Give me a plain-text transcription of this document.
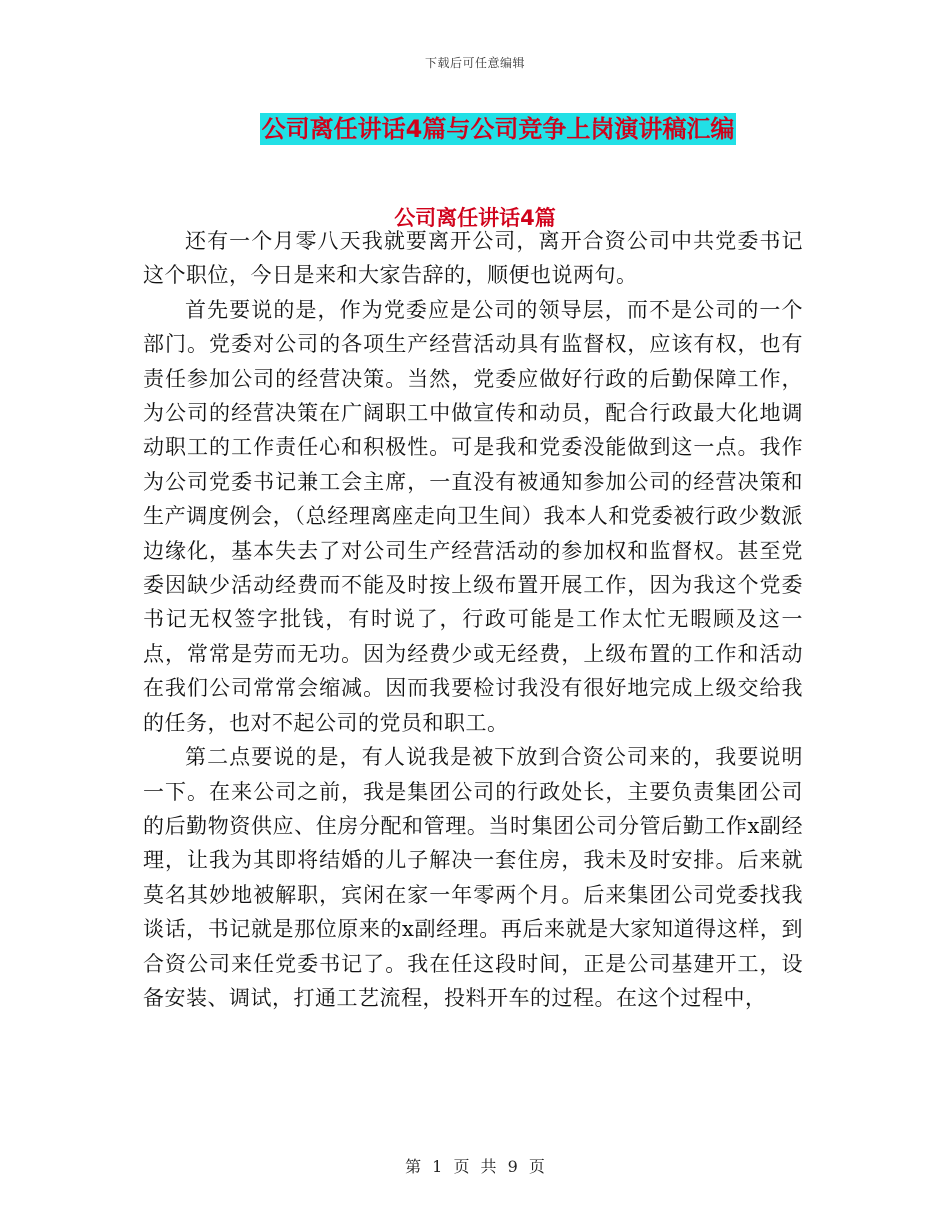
下载后可任意编辑
公司离任讲话4篇与公司竞争上岗演讲稿汇编
公司离任讲话4篇

还有一个月零八天我就要离开公司，离开合资公司中共党委书记这个职位，今日是来和大家告辞的，顺便也说两句。

首先要说的是，作为党委应是公司的领导层，而不是公司的一个部门。党委对公司的各项生产经营活动具有监督权，应该有权，也有责任参加公司的经营决策。当然，党委应做好行政的后勤保障工作，为公司的经营决策在广阔职工中做宣传和动员，配合行政最大化地调动职工的工作责任心和积极性。可是我和党委没能做到这一点。我作为公司党委书记兼工会主席，一直没有被通知参加公司的经营决策和生产调度例会，（总经理离座走向卫生间）我本人和党委被行政少数派边缘化，基本失去了对公司生产经营活动的参加权和监督权。甚至党委因缺少活动经费而不能及时按上级布置开展工作，因为我这个党委书记无权签字批钱，有时说了，行政可能是工作太忙无暇顾及这一点，常常是劳而无功。因为经费少或无经费，上级布置的工作和活动在我们公司常常会缩减。因而我要检讨我没有很好地完成上级交给我的任务，也对不起公司的党员和职工。

第二点要说的是，有人说我是被下放到合资公司来的，我要说明一下。在来公司之前，我是集团公司的行政处长，主要负责集团公司的后勤物资供应、住房分配和管理。当时集团公司分管后勤工作x副经理，让我为其即将结婚的儿子解决一套住房，我未及时安排。后来就莫名其妙地被解职，宾闲在家一年零两个月。后来集团公司党委找我谈话，书记就是那位原来的x副经理。再后来就是大家知道得这样，到合资公司来任党委书记了。我在任这段时间，正是公司基建开工，设备安装、调试，打通工艺流程，投料开车的过程。在这个过程中，

第 1 页 共 9 页
